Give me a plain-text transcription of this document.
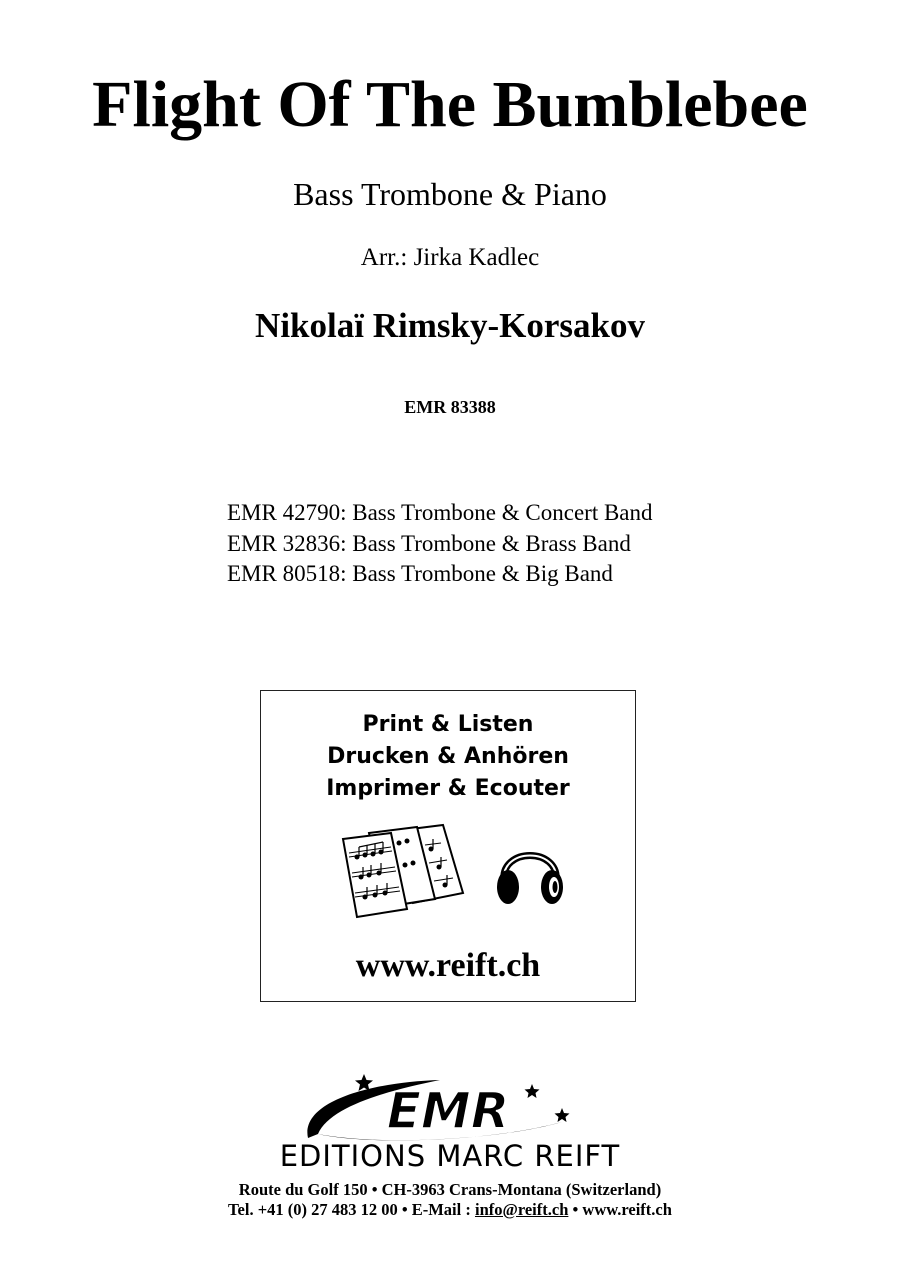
Flight Of The Bumblebee
Bass Trombone & Piano
Arr.: Jirka Kadlec
Nikolaï Rimsky-Korsakov
EMR 83388
EMR 42790: Bass Trombone & Concert Band
EMR 32836: Bass Trombone & Brass Band
EMR 80518: Bass Trombone & Big Band
Print & Listen
Drucken & Anhören
Imprimer & Ecouter
www.reift.ch
EMR
EDITIONS MARC REIFT
Route du Golf 150 • CH-3963 Crans-Montana (Switzerland)
Tel. +41 (0) 27 483 12 00 • E-Mail : info@reift.ch • www.reift.ch
